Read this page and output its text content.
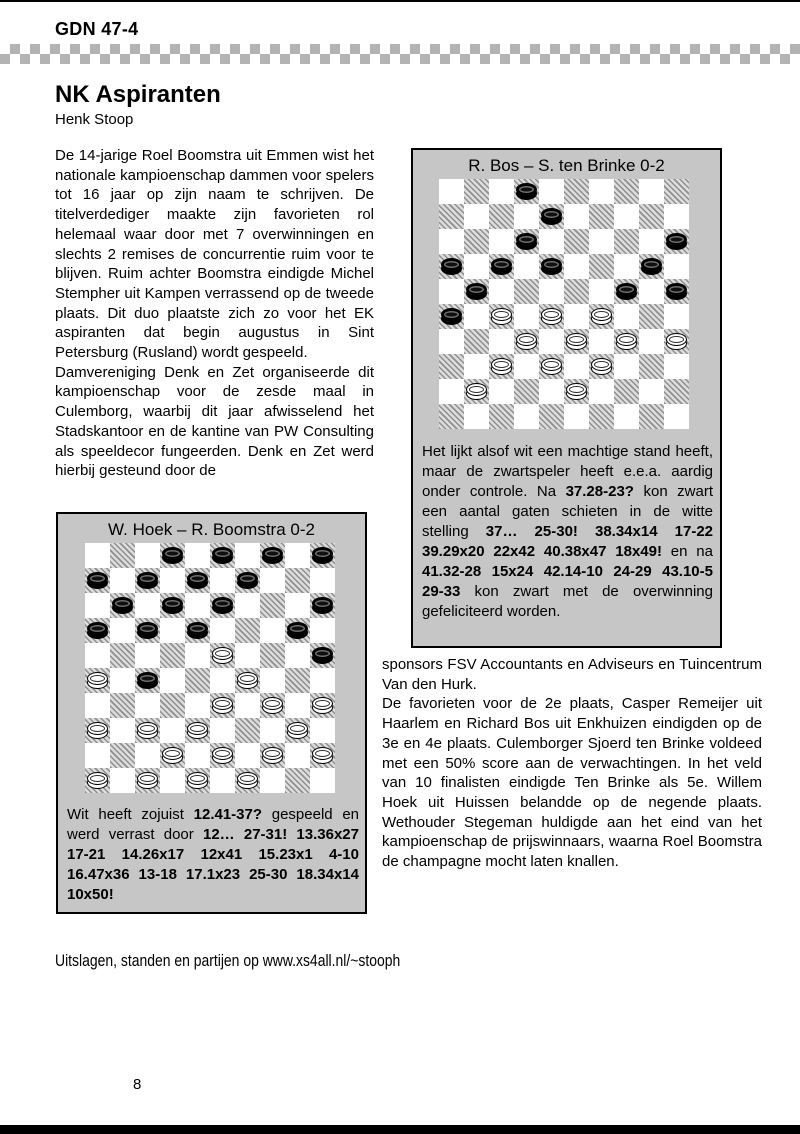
GDN 47-4
NK Aspiranten
Henk Stoop

De 14-jarige Roel Boomstra uit Emmen wist het nationale kampioenschap dammen voor spelers tot 16 jaar op zijn naam te schrijven. De titelverdediger maakte zijn favorieten rol helemaal waar door met 7 overwinningen en slechts 2 remises de concurrentie ruim voor te blijven. Ruim achter Boomstra eindigde Michel Stempher uit Kampen verrassend op de tweede plaats. Dit duo plaatste zich zo voor het EK aspiranten dat begin augustus in Sint Petersburg (Rusland) wordt gespeeld.

Damvereniging Denk en Zet organiseerde dit kampioenschap voor de zesde maal in Culemborg, waarbij dit jaar afwisselend het Stadskantoor en de kantine van PW Consulting als speeldecor fungeerden. Denk en Zet werd hierbij gesteund door de

R. Bos – S. ten Brinke 0-2
Het lijkt alsof wit een machtige stand heeft, maar de zwartspeler heeft e.e.a. aardig onder controle. Na 37.28-23? kon zwart een aantal gaten schieten in de witte stelling 37… 25-30! 38.34x14 17-22 39.29x20 22x42 40.38x47 18x49! en na 41.32-28 15x24 42.14-10 24-29 43.10-5 29-33 kon zwart met de overwinning gefeliciteerd worden.
W. Hoek – R. Boomstra 0-2
Wit heeft zojuist 12.41-37? gespeeld en werd verrast door 12… 27-31! 13.36x27 17-21 14.26x17 12x41 15.23x1 4-10 16.47x36 13-18 17.1x23 25-30 18.34x14 10x50!

sponsors FSV Accountants en Adviseurs en Tuincentrum Van den Hurk.

De favorieten voor de 2e plaats, Casper Remeijer uit Haarlem en Richard Bos uit Enkhuizen eindigden op de 3e en 4e plaats. Culemborger Sjoerd ten Brinke voldeed met een 50% score aan de verwachtingen. In het veld van 10 finalisten eindigde Ten Brinke als 5e. Willem Hoek uit Huissen belandde op de negende plaats. Wethouder Stegeman huldigde aan het eind van het kampioenschap de prijswinnaars, waarna Roel Boomstra de champagne mocht laten knallen.

Uitslagen, standen en partijen op www.xs4all.nl/~stooph
8
